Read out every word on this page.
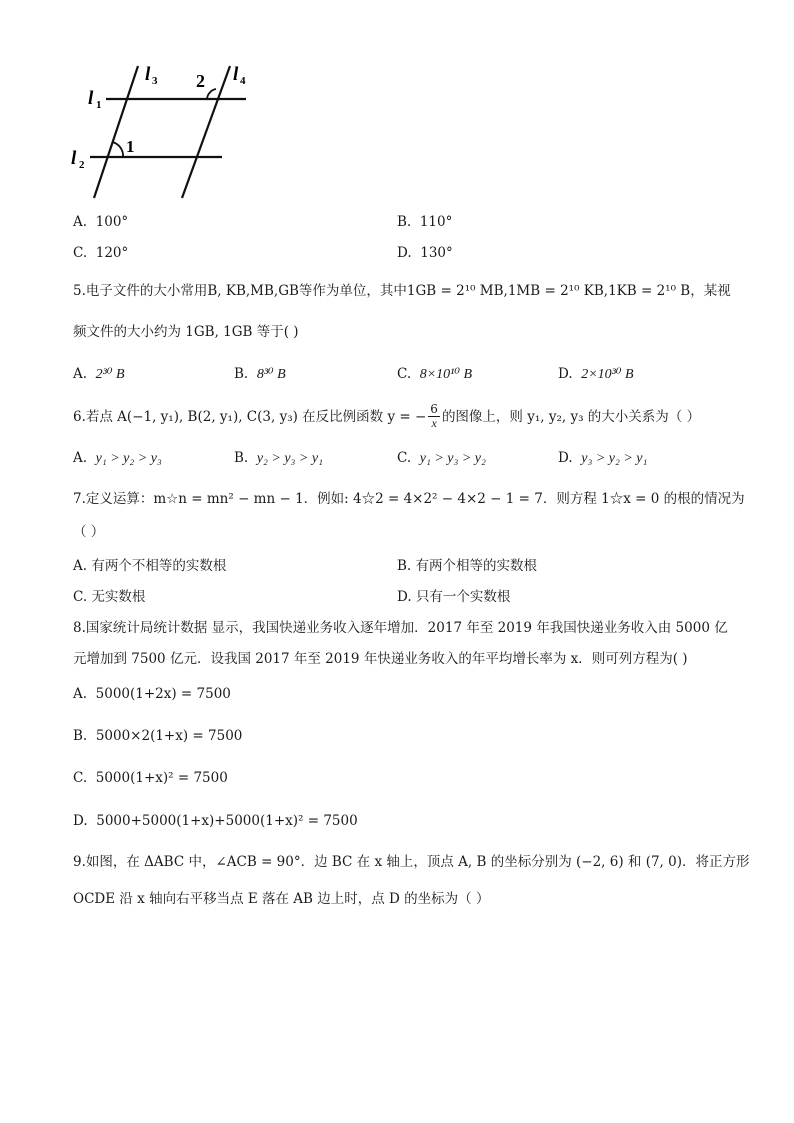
l 1
l 2
l 3	l 4
1
2
A. 100°	B. 110°
C. 120°	D. 130°
5.电子文件的大小常用B, KB,MB,GB等作为单位，其中1GB = 2¹⁰ MB,1MB = 2¹⁰ KB,1KB = 2¹⁰ B，某视
频文件的大小约为 1GB, 1GB 等于( )
A. 2³⁰ B	B. 8³⁰ B	C. 8×10¹⁰ B	D. 2×10³⁰ B
6.若点 A(−1, y₁), B(2, y₁), C(3, y₃) 在反比例函数 y = − $\frac{6}{x}$ 的图像上，则 y₁, y₂, y₃ 的大小关系为（ ）
A. y₁ > y₂ > y₃	B. y₂ > y₃ > y₁	C. y₁ > y₃ > y₂	D. y₃ > y₂ > y₁
7.定义运算：m☆n = mn² − mn − 1．例如: 4☆2 = 4×2² − 4×2 − 1 = 7．则方程 1☆x = 0 的根的情况为
（ ）
A. 有两个不相等的实数根	B. 有两个相等的实数根
C. 无实数根	D. 只有一个实数根
8.国家统计局统计数据 显示，我国快递业务收入逐年增加．2017 年至 2019 年我国快递业务收入由 5000 亿
元增加到 7500 亿元．设我国 2017 年至 2019 年快递业务收入的年平均增长率为 x．则可列方程为( )
A. 5000(1+2x) = 7500
B. 5000×2(1+x) = 7500
C. 5000(1+x)² = 7500
D. 5000+5000(1+x)+5000(1+x)² = 7500
9.如图，在 ΔABC 中，∠ACB = 90°．边 BC 在 x 轴上，顶点 A, B 的坐标分别为 (−2, 6) 和 (7, 0)．将正方形
OCDE 沿 x 轴向右平移当点 E 落在 AB 边上时，点 D 的坐标为（ ）
